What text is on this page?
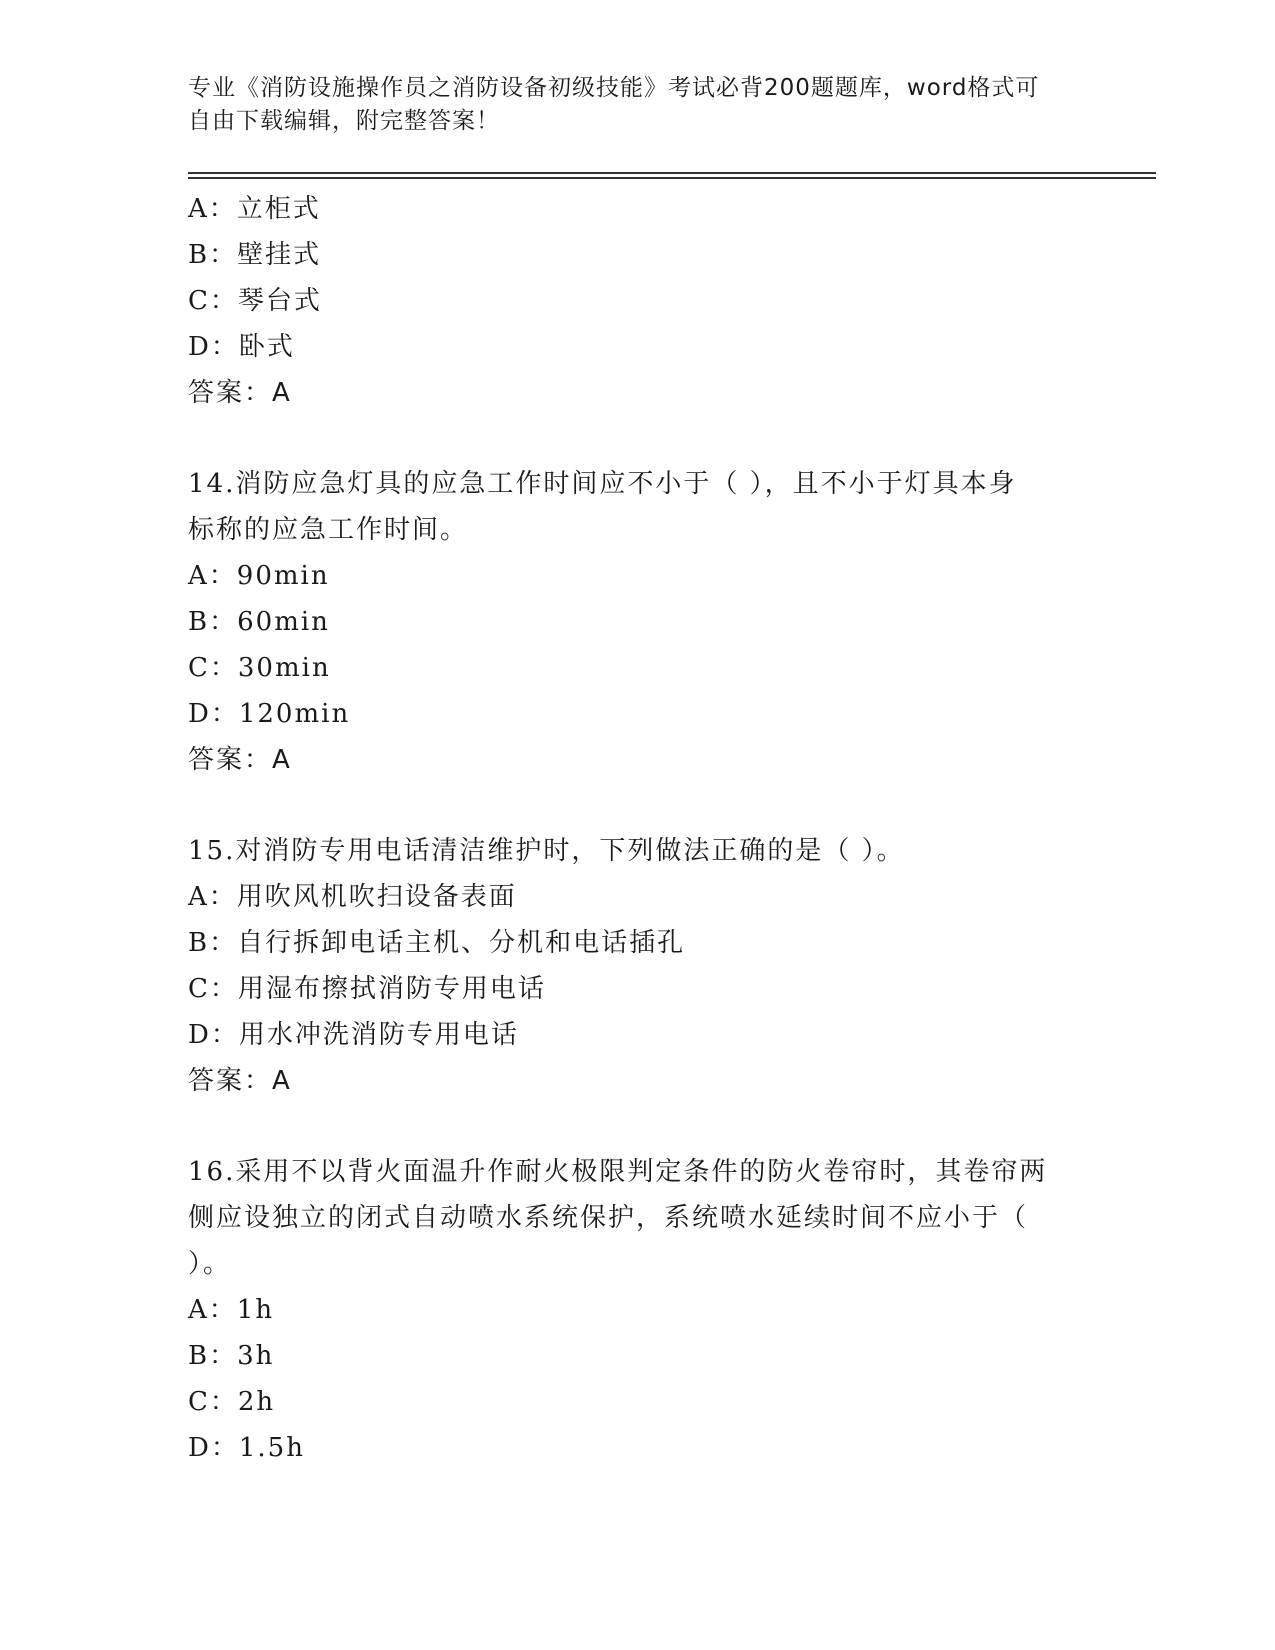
专业《消防设施操作员之消防设备初级技能》考试必背200题题库，word格式可
自由下载编辑，附完整答案！
A：立柜式
B：壁挂式
C：琴台式
D：卧式
答案：A
14.消防应急灯具的应急工作时间应不小于（ ），且不小于灯具本身
标称的应急工作时间。
A：90min
B：60min
C：30min
D：120min
答案：A
15.对消防专用电话清洁维护时，下列做法正确的是（ ）。
A：用吹风机吹扫设备表面
B：自行拆卸电话主机、分机和电话插孔
C：用湿布擦拭消防专用电话
D：用水冲洗消防专用电话
答案：A
16.采用不以背火面温升作耐火极限判定条件的防火卷帘时，其卷帘两
侧应设独立的闭式自动喷水系统保护，系统喷水延续时间不应小于（
）。
A：1h
B：3h
C：2h
D：1.5h
